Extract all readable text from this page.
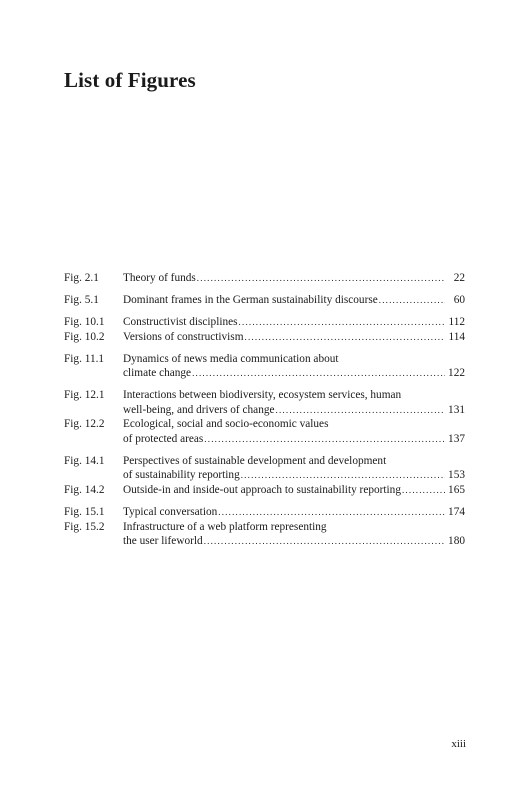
List of Figures
Fig. 2.1	Theory of funds .....	22
Fig. 5.1	Dominant frames in the German sustainability discourse .....	60
Fig. 10.1	Constructivist disciplines .....	112
Fig. 10.2	Versions of constructivism .....	114
Fig. 11.1	Dynamics of news media communication about
climate change .....	122
Fig. 12.1	Interactions between biodiversity, ecosystem services, human
well-being, and drivers of change .....	131
Fig. 12.2	Ecological, social and socio-economic values
of protected areas .....	137
Fig. 14.1	Perspectives of sustainable development and development
of sustainability reporting .....	153
Fig. 14.2	Outside-in and inside-out approach to sustainability reporting .....	165
Fig. 15.1	Typical conversation .....	174
Fig. 15.2	Infrastructure of a web platform representing
the user lifeworld .....	180
xiii
